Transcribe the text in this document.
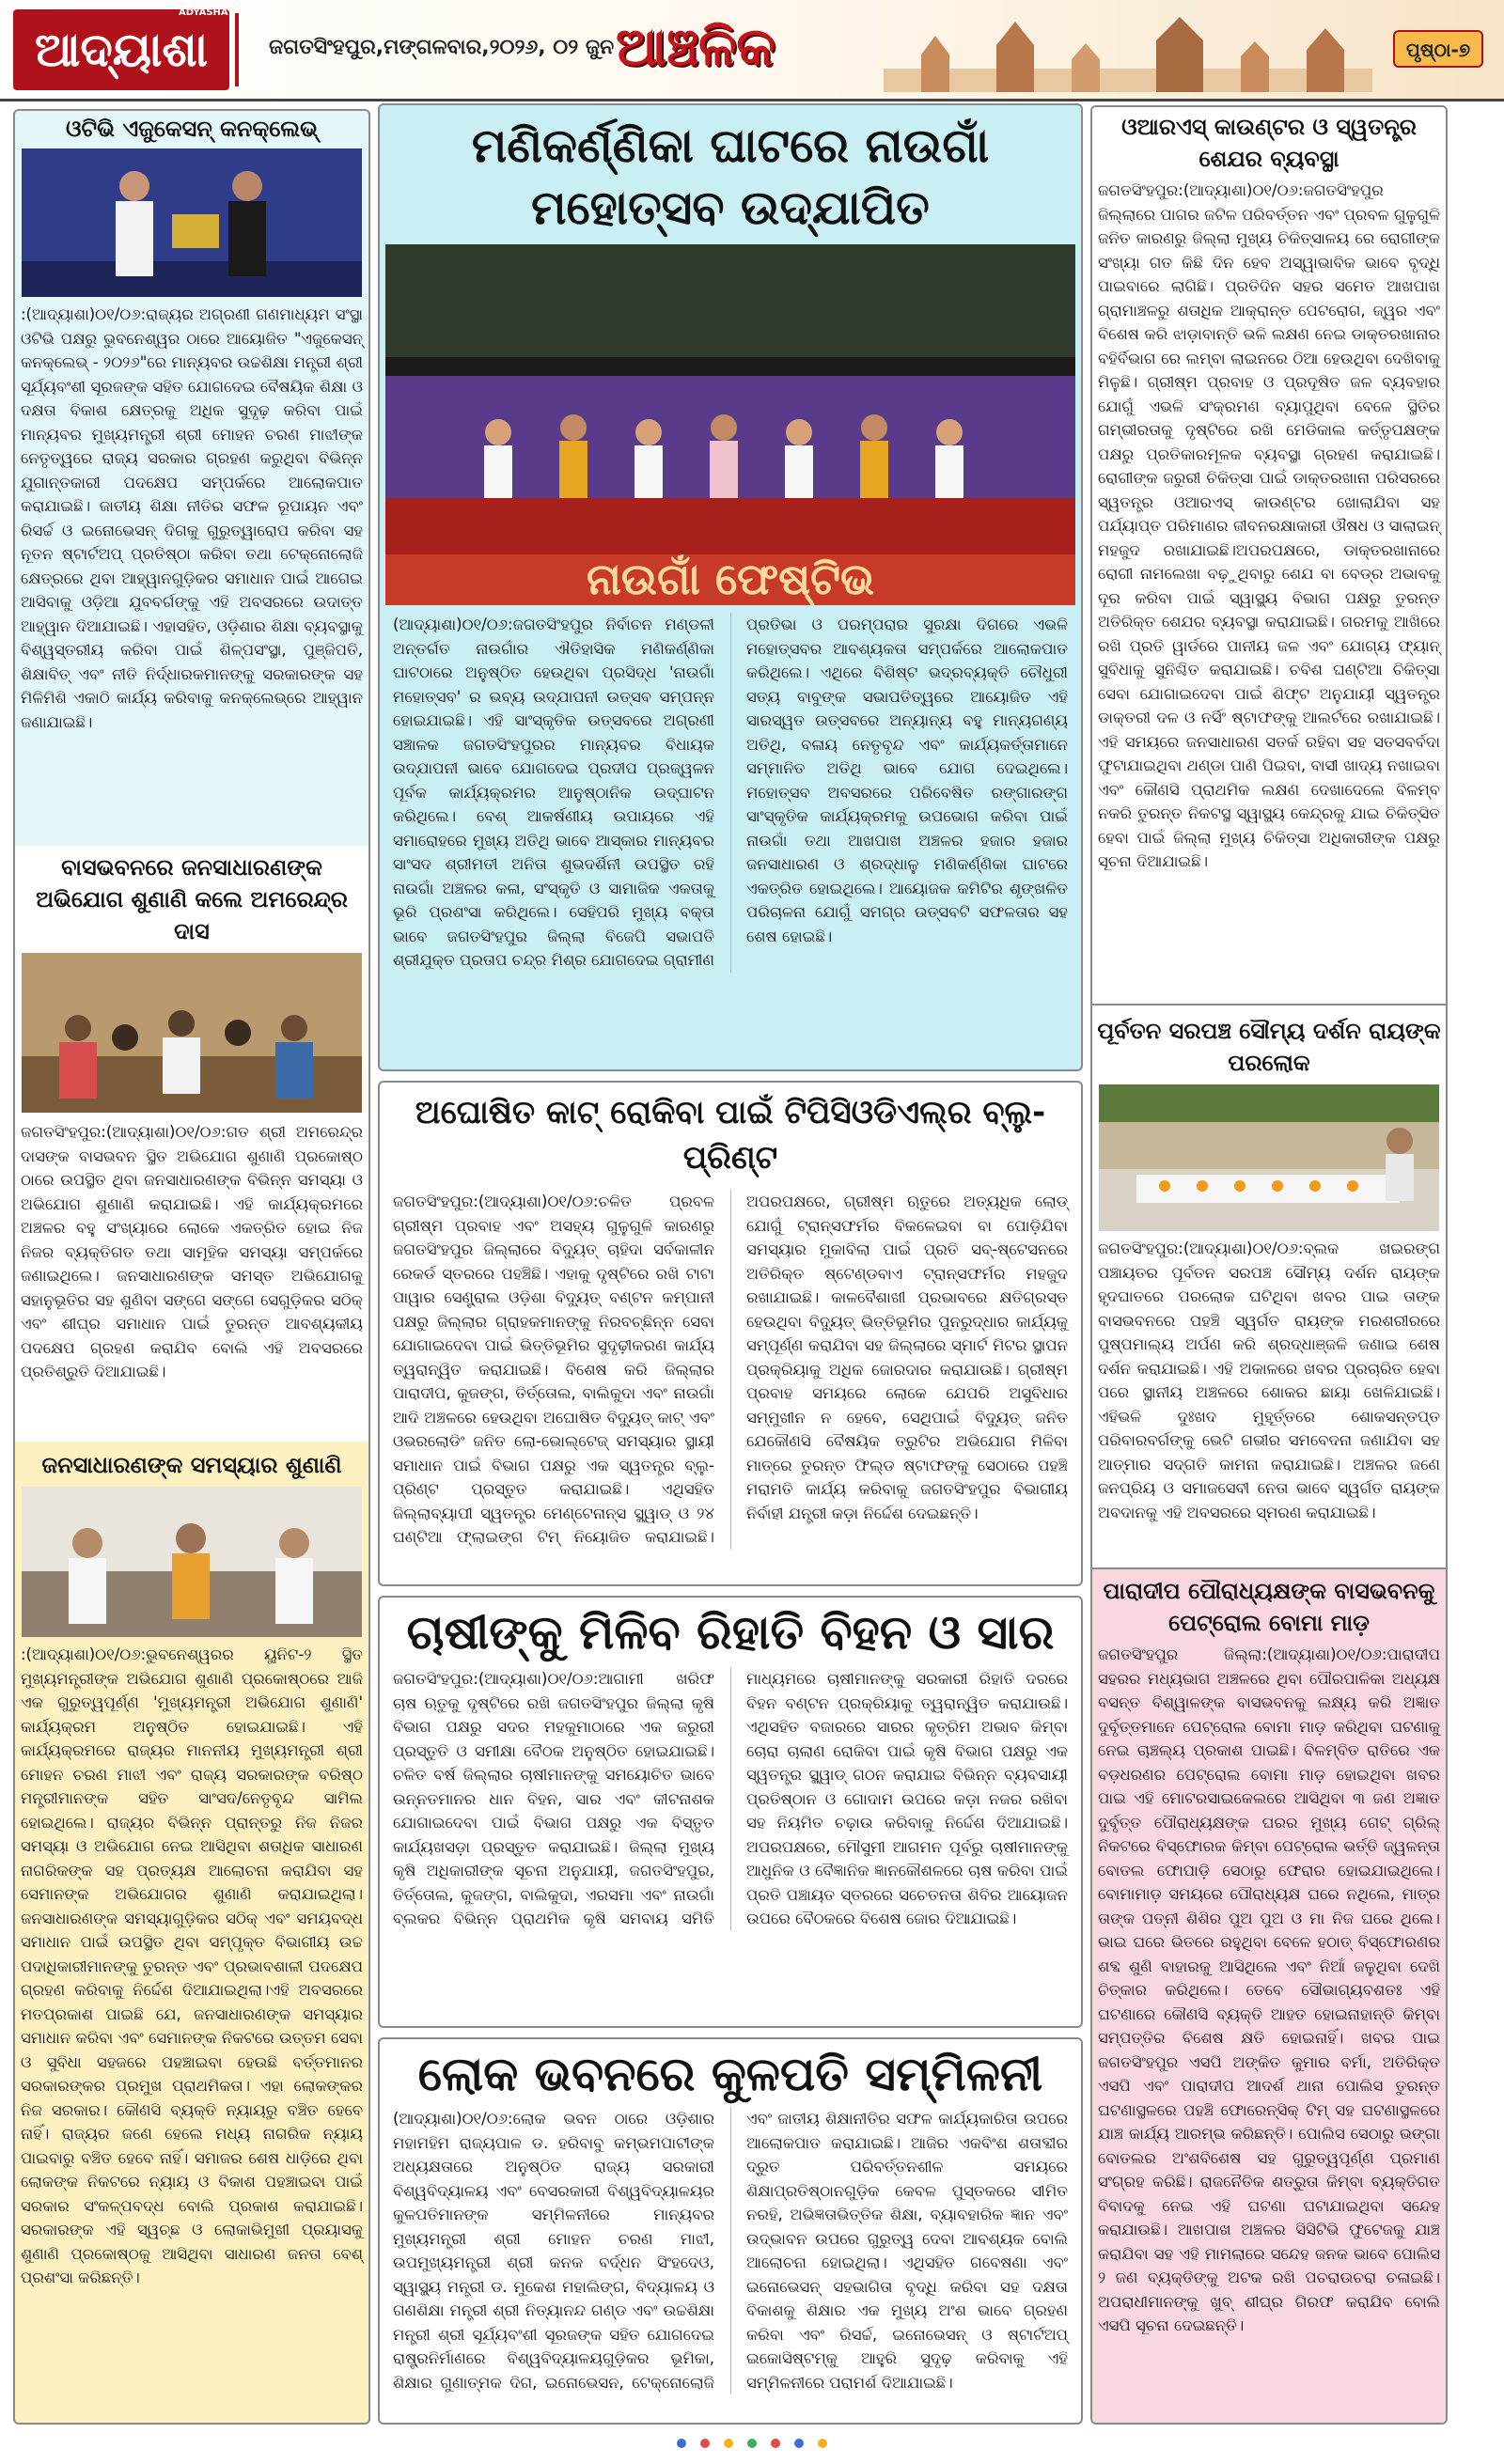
ଆଦ୍ୟାଶା
ADYASHA
ଜଗତସିଂହପୁର,ମଙ୍ଗଳବାର,୨୦୨୬, ୦୨ ଜୁନ ଆଞ୍ଚଳିକ	ପୃଷ୍ଠା-୭

ଓଟିଭି ଏଜୁକେସନ୍ କନକ୍ଲେଭ୍

:(ଆଦ୍ୟାଶା)୦୧/୦୬:ରାଜ୍ୟର ଅଗ୍ରଣୀ ଗଣମାଧ୍ୟମ ସଂସ୍ଥା ଓଟିଭି ପକ୍ଷରୁ ଭୁବନେଶ୍ୱର ଠାରେ ଆୟୋଜିତ "ଏଜୁକେସନ୍ କନକ୍ଲେଭ୍ - ୨୦୨୬"ରେ ମାନ୍ୟବର ଉଚ୍ଚଶିକ୍ଷା ମନ୍ତ୍ରୀ ଶ୍ରୀ ସୂର୍ଯ୍ୟବଂଶୀ ସୂରଜଙ୍କ ସହିତ ଯୋଗଦେଇ ବୈଷୟିକ ଶିକ୍ଷା ଓ ଦକ୍ଷତା ବିକାଶ କ୍ଷେତ୍ରକୁ ଅଧିକ ସୁଦୃଢ଼ କରିବା ପାଇଁ ମାନ୍ୟବର ମୁଖ୍ୟମନ୍ତ୍ରୀ ଶ୍ରୀ ମୋହନ ଚରଣ ମାଝୀଙ୍କ ନେତୃତ୍ୱରେ ରାଜ୍ୟ ସରକାର ଗ୍ରହଣ କରୁଥିବା ବିଭିନ୍ନ ଯୁଗାନ୍ତକାରୀ ପଦକ୍ଷେପ ସମ୍ପର୍କରେ ଆଲୋକପାତ କରାଯାଇଛି। ଜାତୀୟ ଶିକ୍ଷା ନୀତିର ସଫଳ ରୂପାୟନ ଏବଂ ରିସର୍ଚ୍ଚ ଓ ଇନୋଭେସନ୍ ଦିଗକୁ ଗୁରୁତ୍ୱାରୋପ କରିବା ସହ ନୂତନ ଷ୍ଟାର୍ଟଅପ୍ ପ୍ରତିଷ୍ଠା କରିବା ତଥା ଟେକ୍ନୋଲୋଜି କ୍ଷେତ୍ରରେ ଥିବା ଆହ୍ୱାନଗୁଡ଼ିକର ସମାଧାନ ପାଇଁ ଆଗେଇ ଆସିବାକୁ ଓଡ଼ିଆ ଯୁବବର୍ଗଙ୍କୁ ଏହି ଅବସରରେ ଉଦାତ୍ତ ଆହ୍ୱାନ ଦିଆଯାଇଛି। ଏହାସହିତ, ଓଡ଼ିଶାର ଶିକ୍ଷା ବ୍ୟବସ୍ଥାକୁ ବିଶ୍ୱସ୍ତରୀୟ କରିବା ପାଇଁ ଶିଳ୍ପସଂସ୍ଥା, ପୁଞ୍ଜିପତି, ଶିକ୍ଷାବିତ୍ ଏବଂ ନୀତି ନିର୍ଦ୍ଧାରକମାନଙ୍କୁ ସରକାରଙ୍କ ସହ ମିଳିମିଶି ଏକାଠି କାର୍ଯ୍ୟ କରିବାକୁ କନକ୍ଲେଭ୍‌ରେ ଆହ୍ୱାନ ଜଣାଯାଇଛି।

ବାସଭବନରେ ଜନସାଧାରଣଙ୍କ ଅଭିଯୋଗ ଶୁଣାଣି କଲେ ଅମରେନ୍ଦ୍ର ଦାସ

ଜଗତସିଂହପୁର:(ଆଦ୍ୟାଶା)୦୧/୦୬:ଗତ ଶ୍ରୀ ଅମରେନ୍ଦ୍ର ଦାସଙ୍କ ବାସଭବନ ସ୍ଥିତ ଅଭିଯୋଗ ଶୁଣାଣି ପ୍ରକୋଷ୍ଠ ଠାରେ ଉପସ୍ଥିତ ଥିବା ଜନସାଧାରଣଙ୍କ ବିଭିନ୍ନ ସମସ୍ୟା ଓ ଅଭିଯୋଗ ଶୁଣାଣି କରାଯାଇଛି। ଏହି କାର୍ଯ୍ୟକ୍ରମରେ ଅଞ୍ଚଳର ବହୁ ସଂଖ୍ୟାରେ ଲୋକେ ଏକତ୍ରିତ ହୋଇ ନିଜ ନିଜର ବ୍ୟକ୍ତିଗତ ତଥା ସାମୂହିକ ସମସ୍ୟା ସମ୍ପର୍କରେ ଜଣାଇଥିଲେ। ଜନସାଧାରଣଙ୍କ ସମସ୍ତ ଅଭିଯୋଗକୁ ସହାନୁଭୂତିର ସହ ଶୁଣିବା ସଙ୍ଗେ ସଙ୍ଗେ ସେଗୁଡ଼ିକର ସଠିକ୍ ଏବଂ ଶୀଘ୍ର ସମାଧାନ ପାଇଁ ତୁରନ୍ତ ଆବଶ୍ୟକୀୟ ପଦକ୍ଷେପ ଗ୍ରହଣ କରାଯିବ ବୋଲି ଏହି ଅବସରରେ ପ୍ରତିଶ୍ରୁତି ଦିଆଯାଇଛି।

ଜନସାଧାରଣଙ୍କ ସମସ୍ୟାର ଶୁଣାଣି

:(ଆଦ୍ୟାଶା)୦୧/୦୬:ଭୁବନେଶ୍ୱରର ୟୁନିଟ-୨ ସ୍ଥିତ ମୁଖ୍ୟମନ୍ତ୍ରୀଙ୍କ ଅଭିଯୋଗ ଶୁଣାଣି ପ୍ରକୋଷ୍ଠରେ ଆଜି ଏକ ଗୁରୁତ୍ୱପୂର୍ଣ୍ଣ 'ମୁଖ୍ୟମନ୍ତ୍ରୀ ଅଭିଯୋଗ ଶୁଣାଣି' କାର୍ଯ୍ୟକ୍ରମ ଅନୁଷ୍ଠିତ ହୋଇଯାଇଛି। ଏହି କାର୍ଯ୍ୟକ୍ରମରେ ରାଜ୍ୟର ମାନନୀୟ ମୁଖ୍ୟମନ୍ତ୍ରୀ ଶ୍ରୀ ମୋହନ ଚରଣ ମାଝୀ ଏବଂ ରାଜ୍ୟ ସରକାରଙ୍କ ବରିଷ୍ଠ ମନ୍ତ୍ରୀମାନଙ୍କ ସହିତ ସାଂସଦ/ନେତୃବୃନ୍ଦ ସାମିଲ ହୋଇଥିଲେ। ରାଜ୍ୟର ବିଭିନ୍ନ ପ୍ରାନ୍ତରୁ ନିଜ ନିଜର ସମସ୍ୟା ଓ ଅଭିଯୋଗ ନେଇ ଆସିଥିବା ଶତାଧିକ ସାଧାରଣ ନାଗରିକଙ୍କ ସହ ପ୍ରତ୍ୟକ୍ଷ ଆଲୋଚନା କରାଯିବା ସହ ସେମାନଙ୍କ ଅଭିଯୋଗର ଶୁଣାଣି କରାଯାଇଥିଲା। ଜନସାଧାରଣଙ୍କ ସମସ୍ୟାଗୁଡ଼ିକର ସଠିକ୍ ଏବଂ ସମୟବଦ୍ଧ ସମାଧାନ ପାଇଁ ଉପସ୍ଥିତ ଥିବା ସମ୍ପୃକ୍ତ ବିଭାଗୀୟ ଉଚ୍ଚ ପଦାଧିକାରୀମାନଙ୍କୁ ତୁରନ୍ତ ଏବଂ ପ୍ରଭାବଶାଳୀ ପଦକ୍ଷେପ ଗ୍ରହଣ କରିବାକୁ ନିର୍ଦ୍ଦେଶ ଦିଆଯାଇଥିଲା।ଏହି ଅବସରରେ ମତପ୍ରକାଶ ପାଇଛି ଯେ, ଜନସାଧାରଣଙ୍କ ସମସ୍ୟାର ସମାଧାନ କରିବା ଏବଂ ସେମାନଙ୍କ ନିକଟରେ ଉତ୍ତମ ସେବା ଓ ସୁବିଧା ସହଜରେ ପହଞ୍ଚାଇବା ହେଉଛି ବର୍ତ୍ତମାନର ସରକାରଙ୍କର ପ୍ରମୁଖ ପ୍ରାଥମିକତା। ଏହା ଲୋକଙ୍କର ନିଜ ସରକାର। କୌଣସି ବ୍ୟକ୍ତି ନ୍ୟାୟରୁ ବଞ୍ଚିତ ହେବେ ନାହିଁ। ରାଜ୍ୟର ଜଣେ ହେଲେ ମଧ୍ୟ ନାଗରିକ ନ୍ୟାୟ ପାଇବାରୁ ବଞ୍ଚିତ ହେବେ ନାହିଁ। ସମାଜର ଶେଷ ଧାଡ଼ିରେ ଥିବା ଲୋକଙ୍କ ନିକଟରେ ନ୍ୟାୟ ଓ ବିକାଶ ପହଞ୍ଚାଇବା ପାଇଁ ସରକାର ସଂକଳ୍ପବଦ୍ଧ ବୋଲି ପ୍ରକାଶ କରାଯାଇଛି। ସରକାରଙ୍କ ଏହି ସ୍ୱଚ୍ଛ ଓ ଲୋକାଭିମୁଖୀ ପ୍ରୟାସକୁ ଶୁଣାଣି ପ୍ରକୋଷ୍ଠକୁ ଆସିଥିବା ସାଧାରଣ ଜନତା ବେଶ୍ ପ୍ରଶଂସା କରିଛନ୍ତି।

ମଣିକର୍ଣ୍ଣିକା ଘାଟରେ ନାଉଗାଁ ମହୋତ୍ସବ ଉଦ୍‌ଯାପିତ

ନାଉଗାଁ ଫେଷ୍ଟିଭ

(ଆଦ୍ୟାଶା)୦୧/୦୬:ଜଗତସିଂହପୁର ନିର୍ବାଚନ ମଣ୍ଡଳୀ ଅନ୍ତର୍ଗତ ନାଉଗାଁର ଐତିହାସିକ ମଣିକର୍ଣ୍ଣିକା ଘାଟଠାରେ ଅନୁଷ୍ଠିତ ହେଉଥିବା ପ୍ରସିଦ୍ଧ 'ନାଉଗାଁ ମହୋତ୍ସବ' ର ଭବ୍ୟ ଉଦ୍‌ଯାପନୀ ଉତ୍ସବ ସମ୍ପନ୍ନ ହୋଇଯାଇଛି। ଏହି ସାଂସ୍କୃତିକ ଉତ୍ସବରେ ଅଗ୍ରଣୀ ସଞ୍ଚାଳକ ଜଗତସିଂହପୁରର ମାନ୍ୟବର ବିଧାୟକ ଉଦ୍‌ଯାପନୀ ଭାବେ ଯୋଗଦେଇ ପ୍ରଦୀପ ପ୍ରଜ୍ୱଳନ ପୂର୍ବକ କାର୍ଯ୍ୟକ୍ରମର ଆନୁଷ୍ଠାନିକ ଉଦ୍‌ଘାଟନ କରିଥିଲେ। ବେଶ୍ ଆକର୍ଷଣୀୟ ଉପାୟରେ ଏହି ସମାରୋହରେ ମୁଖ୍ୟ ଅତିଥି ଭାବେ ଆସ୍କାର ମାନ୍ୟବର ସାଂସଦ ଶ୍ରୀମତୀ ଅନିତା ଶୁଭଦର୍ଶିନୀ ଉପସ୍ଥିତ ରହି ନାଉଗାଁ ଅଞ୍ଚଳର କଳା, ସଂସ୍କୃତି ଓ ସାମାଜିକ ଏକତାକୁ ଭୂରି ପ୍ରଶଂସା କରିଥିଲେ। ସେହିପରି ମୁଖ୍ୟ ବକ୍ତା ଭାବେ ଜଗତସିଂହପୁର ଜିଲ୍ଲା ବିଜେପି ସଭାପତି ଶ୍ରୀଯୁକ୍ତ ପ୍ରତାପ ଚନ୍ଦ୍ର ମିଶ୍ର ଯୋଗଦେଇ ଗ୍ରାମୀଣ ପ୍ରତିଭା ଓ ପରମ୍ପରାର ସୁରକ୍ଷା ଦିଗରେ ଏଭଳି ମହୋତ୍ସବର ଆବଶ୍ୟକତା ସମ୍ପର୍କରେ ଆଲୋକପାତ କରିଥିଲେ। ଏଥିରେ ବିଶିଷ୍ଟ ଭଦ୍ରବ୍ୟକ୍ତି ଚୌଧୁରୀ ସତ୍ୟ ବାବୁଙ୍କ ସଭାପତିତ୍ୱରେ ଆୟୋଜିତ ଏହି ସାରସ୍ୱତ ଉତ୍ସବରେ ଅନ୍ୟାନ୍ୟ ବହୁ ମାନ୍ୟଗଣ୍ୟ ଅତିଥି, ବଳାୟ ନେତୃବୃନ୍ଦ ଏବଂ କାର୍ଯ୍ୟକର୍ତ୍ତାମାନେ ସମ୍ମାନିତ ଅତିଥି ଭାବେ ଯୋଗ ଦେଇଥିଲେ। ମହୋତ୍ସବ ଅବସରରେ ପରିବେଷିତ ରଙ୍ଗାରଙ୍ଗ ସାଂସ୍କୃତିକ କାର୍ଯ୍ୟକ୍ରମକୁ ଉପଭୋଗ କରିବା ପାଇଁ ନାଉଗାଁ ତଥା ଆଖପାଖ ଅଞ୍ଚଳର ହଜାର ହଜାର ଜନସାଧାରଣ ଓ ଶ୍ରଦ୍ଧାଳୁ ମଣିକର୍ଣ୍ଣିକା ଘାଟରେ ଏକତ୍ରିତ ହୋଇଥିଲେ। ଆୟୋଜକ କମିଟିର ଶୃଙ୍ଖଳିତ ପରିଚାଳନା ଯୋଗୁଁ ସମଗ୍ର ଉତ୍ସବଟି ସଫଳତାର ସହ ଶେଷ ହୋଇଛି।

ଅଘୋଷିତ କାଟ୍ ରୋକିବା ପାଇଁ ଟିପିସିଓଡିଏଲ୍‌ର ବ୍ଲୁ-ପ୍ରିଣ୍ଟ

ଜଗତସିଂହପୁର:(ଆଦ୍ୟାଶା)୦୧/୦୬:ଚଳିତ ପ୍ରବଳ ଗ୍ରୀଷ୍ମ ପ୍ରବାହ ଏବଂ ଅସହ୍ୟ ଗୁଳୁଗୁଳି କାରଣରୁ ଜଗତସିଂହପୁର ଜିଲ୍ଲାରେ ବିଦ୍ୟୁତ୍ ଚାହିଦା ସର୍ବକାଳୀନ ରେକର୍ଡ ସ୍ତରରେ ପହଞ୍ଚିଛି। ଏହାକୁ ଦୃଷ୍ଟିରେ ରଖି ଟାଟା ପାୱାର ସେଣ୍ଟ୍ରାଲ ଓଡ଼ିଶା ବିଦ୍ୟୁତ୍ ବଣ୍ଟନ କମ୍ପାନୀ ପକ୍ଷରୁ ଜିଲ୍ଲାର ଗ୍ରାହକମାନଙ୍କୁ ନିରବଚ୍ଛିନ୍ନ ସେବା ଯୋଗାଇଦେବା ପାଇଁ ଭିତ୍ତିଭୂମିର ସୁଦୃଢ଼ୀକରଣ କାର୍ଯ୍ୟ ତ୍ୱରାନ୍ୱିତ କରାଯାଇଛି। ବିଶେଷ କରି ଜିଲ୍ଲାର ପାରାଦୀପ, କୁଜଙ୍ଗ, ତିର୍ତ୍ତୋଲ, ବାଲିକୁଦା ଏବଂ ନାଉଗାଁ ଆଦି ଅଞ୍ଚଳରେ ହେଉଥିବା ଅଘୋଷିତ ବିଦ୍ୟୁତ୍ କାଟ୍ ଏବଂ ଓଭରଲୋଡିଂ ଜନିତ ଲୋ-ଭୋଲ୍ଟେଜ୍ ସମସ୍ୟାର ସ୍ଥାୟୀ ସମାଧାନ ପାଇଁ ବିଭାଗ ପକ୍ଷରୁ ଏକ ସ୍ୱତନ୍ତ୍ର ବ୍ଲୁ-ପ୍ରିଣ୍ଟ ପ୍ରସ୍ତୁତ କରାଯାଇଛି। ଏଥିସହିତ ଜିଲ୍ଲାବ୍ୟାପୀ ସ୍ୱତନ୍ତ୍ର ମେଣ୍ଟେନାନ୍ସ ସ୍କ୍ୱାଡ୍ ଓ ୨୪ ଘଣ୍ଟିଆ ଫ୍ଲାଇଙ୍ଗ ଟିମ୍ ନିୟୋଜିତ କରାଯାଇଛି। ଅପରପକ୍ଷରେ, ଗ୍ରୀଷ୍ମ ଋତୁରେ ଅତ୍ୟଧିକ ଲୋଡ୍ ଯୋଗୁଁ ଟ୍ରାନ୍ସଫର୍ମର ବିକଳେଇବା ବା ପୋଡ଼ିଯିବା ସମସ୍ୟାର ମୁକାବିଲା ପାଇଁ ପ୍ରତି ସବ୍-ଷ୍ଟେସନରେ ଅତିରିକ୍ତ ଷ୍ଟେଣ୍ଡବାଏ ଟ୍ରାନ୍ସଫର୍ମର ମହଜୁଦ ରଖାଯାଇଛି। କାଳବୈଶାଖୀ ପ୍ରଭାବରେ କ୍ଷତିଗ୍ରସ୍ତ ହେଉଥିବା ବିଦ୍ୟୁତ୍ ଭିତ୍ତିଭୂମିର ପୁନରୁଦ୍ଧାର କାର୍ଯ୍ୟକୁ ସମ୍ପୂର୍ଣ୍ଣ କରାଯିବା ସହ ଜିଲ୍ଲାରେ ସ୍ମାର୍ଟ ମିଟର ସ୍ଥାପନ ପ୍ରକ୍ରିୟାକୁ ଅଧିକ ଜୋରଦାର କରାଯାଉଛି। ଗ୍ରୀଷ୍ମ ପ୍ରବାହ ସମୟରେ ଲୋକେ ଯେପରି ଅସୁବିଧାର ସମ୍ମୁଖୀନ ନ ହେବେ, ସେଥିପାଇଁ ବିଦ୍ୟୁତ୍ ଜନିତ ଯେକୌଣସି ବୈଷୟିକ ତ୍ରୁଟିର ଅଭିଯୋଗ ମିଳିବା ମାତ୍ରେ ତୁରନ୍ତ ଫିଲ୍ଡ ଷ୍ଟାଫଙ୍କୁ ସେଠାରେ ପହଞ୍ଚି ମରାମତି କାର୍ଯ୍ୟ କରିବାକୁ ଜଗତସିଂହପୁର ବିଭାଗୀୟ ନିର୍ବାହୀ ଯନ୍ତ୍ରୀ କଡ଼ା ନିର୍ଦ୍ଦେଶ ଦେଇଛନ୍ତି।

ଚାଷୀଙ୍କୁ ମିଳିବ ରିହାତି ବିହନ ଓ ସାର

ଜଗତସିଂହପୁର:(ଆଦ୍ୟାଶା)୦୧/୦୬:ଆଗାମୀ ଖରିଫ ଚାଷ ଋତୁକୁ ଦୃଷ୍ଟିରେ ରଖି ଜଗତସିଂହପୁର ଜିଲ୍ଲା କୃଷି ବିଭାଗ ପକ୍ଷରୁ ସଦର ମହକୁମାଠାରେ ଏକ ଜରୁରୀ ପ୍ରସ୍ତୁତି ଓ ସମୀକ୍ଷା ବୈଠକ ଅନୁଷ୍ଠିତ ହୋଇଯାଇଛି। ଚଳିତ ବର୍ଷ ଜିଲ୍ଲାର ଚାଷୀମାନଙ୍କୁ ସମୟୋଚିତ ଭାବେ ଉନ୍ନତମାନର ଧାନ ବିହନ, ସାର ଏବଂ କୀଟନାଶକ ଯୋଗାଇଦେବା ପାଇଁ ବିଭାଗ ପକ୍ଷରୁ ଏକ ବିସ୍ତୃତ କାର୍ଯ୍ୟଖସଡ଼ା ପ୍ରସ୍ତୁତ କରାଯାଇଛି। ଜିଲ୍ଲା ମୁଖ୍ୟ କୃଷି ଅଧିକାରୀଙ୍କ ସୂଚନା ଅନୁଯାୟୀ, ଜଗତସିଂହପୁର, ତିର୍ତ୍ତୋଲ, କୁଜଙ୍ଗ, ବାଲିକୁଦା, ଏରସମା ଏବଂ ନାଉଗାଁ ବ୍ଲକର ବିଭିନ୍ନ ପ୍ରାଥମିକ କୃଷି ସମବାୟ ସମିତି ମାଧ୍ୟମରେ ଚାଷୀମାନଙ୍କୁ ସରକାରୀ ରିହାତି ଦରରେ ବିହନ ବଣ୍ଟନ ପ୍ରକ୍ରିୟାକୁ ତ୍ୱରାନ୍ୱିତ କରାଯାଉଛି। ଏଥିସହିତ ବଜାରରେ ସାରର କୃତ୍ରିମ ଅଭାବ କିମ୍ବା ଚୋରା ଚାଲାଣ ରୋକିବା ପାଇଁ କୃଷି ବିଭାଗ ପକ୍ଷରୁ ଏକ ସ୍ୱତନ୍ତ୍ର ସ୍କ୍ୱାଡ୍ ଗଠନ କରାଯାଇ ବିଭିନ୍ନ ବ୍ୟବସାୟୀ ପ୍ରତିଷ୍ଠାନ ଓ ଗୋଦାମ ଉପରେ କଡ଼ା ନଜର ରଖିବା ସହ ନିୟମିତ ଚଢ଼ାଉ କରିବାକୁ ନିର୍ଦ୍ଦେଶ ଦିଆଯାଇଛି।ଅପରପକ୍ଷରେ, ମୌସୁମୀ ଆଗମନ ପୂର୍ବରୁ ଚାଷୀମାନଙ୍କୁ ଆଧୁନିକ ଓ ବୈଜ୍ଞାନିକ ଜ୍ଞାନକୌଶଳରେ ଚାଷ କରିବା ପାଇଁ ପ୍ରତି ପଞ୍ଚାୟତ ସ୍ତରରେ ସଚେତନତା ଶିବିର ଆୟୋଜନ ଉପରେ ବୈଠକରେ ବିଶେଷ ଜୋର ଦିଆଯାଇଛି।

ଲୋକ ଭବନରେ କୁଳପତି ସମ୍ମିଳନୀ

(ଆଦ୍ୟାଶା)୦୧/୦୬:ଲୋକ ଭବନ ଠାରେ ଓଡ଼ିଶାର ମହାମହିମ ରାଜ୍ୟପାଳ ଡ. ହରିବାବୁ କମ୍ଭମପାଟୀଙ୍କ ଅଧ୍ୟକ୍ଷତାରେ ଅନୁଷ୍ଠିତ ରାଜ୍ୟ ସରକାରୀ ବିଶ୍ୱବିଦ୍ୟାଳୟ ଏବଂ ବେସରକାରୀ ବିଶ୍ୱବିଦ୍ୟାଳୟର କୁଳପତିମାନଙ୍କ ସମ୍ମିଳନୀରେ ମାନ୍ୟବର ମୁଖ୍ୟମନ୍ତ୍ରୀ ଶ୍ରୀ ମୋହନ ଚରଣ ମାଝୀ, ଉପମୁଖ୍ୟମନ୍ତ୍ରୀ ଶ୍ରୀ କନକ ବର୍ଦ୍ଧନ ସିଂହଦେଓ, ସ୍ୱାସ୍ଥ୍ୟ ମନ୍ତ୍ରୀ ଡ. ମୁକେଶ ମହାଲିଙ୍ଗ, ବିଦ୍ୟାଳୟ ଓ ଗଣଶିକ୍ଷା ମନ୍ତ୍ରୀ ଶ୍ରୀ ନିତ୍ୟାନନ୍ଦ ଗଣ୍ଡ ଏବଂ ଉଚ୍ଚଶିକ୍ଷା ମନ୍ତ୍ରୀ ଶ୍ରୀ ସୂର୍ଯ୍ୟବଂଶୀ ସୂରଜଙ୍କ ସହିତ ଯୋଗଦେଇ ରାଷ୍ଟ୍ରନିର୍ମାଣରେ ବିଶ୍ୱବିଦ୍ୟାଳୟଗୁଡ଼ିକର ଭୂମିକା, ଶିକ୍ଷାର ଗୁଣାତ୍ମକ ଦିଗ, ଇନୋଭେସନ, ଟେକ୍ନୋଲୋଜି ଏବଂ ଜାତୀୟ ଶିକ୍ଷାନୀତିର ସଫଳ କାର୍ଯ୍ୟକାରିତା ଉପରେ ଆଲୋକପାତ କରାଯାଇଛି। ଆଜିର ଏକବିଂଶ ଶତାବ୍ଦୀର ଦ୍ରୁତ ପରିବର୍ତ୍ତନଶୀଳ ସମୟରେ ଶିକ୍ଷାପ୍ରତିଷ୍ଠାନଗୁଡ଼ିକ କେବଳ ପୁସ୍ତକରେ ସୀମିତ ନରହି, ଅଭିଜ୍ଞତାଭିତ୍ତିକ ଶିକ୍ଷା, ବ୍ୟାବହାରିକ ଜ୍ଞାନ ଏବଂ ଉଦ୍ଭାବନ ଉପରେ ଗୁରୁତ୍ୱ ଦେବା ଆବଶ୍ୟକ ବୋଲି ଆଲୋଚନା ହୋଇଥିଲା। ଏଥିସହିତ ଗବେଷଣା ଏବଂ ଇନୋଭେସନ୍ ସହଭାଗିତା ବୃଦ୍ଧି କରିବା ସହ ଦକ୍ଷତା ବିକାଶକୁ ଶିକ୍ଷାର ଏକ ମୁଖ୍ୟ ଅଂଶ ଭାବେ ଗ୍ରହଣ କରିବା ଏବଂ ରିସର୍ଚ୍ଚ, ଇନୋଭେସନ୍ ଓ ଷ୍ଟାର୍ଟଅପ୍ ଇକୋସିଷ୍ଟମ୍‌କୁ ଆହୁରି ସୁଦୃଢ଼ କରିବାକୁ ଏହି ସମ୍ମିଳନୀରେ ପରାମର୍ଶ ଦିଆଯାଇଛି।

ଓଆରଏସ୍ କାଉଣ୍ଟର ଓ ସ୍ୱତନ୍ତ୍ର ଶେଯର ବ୍ୟବସ୍ଥା

ଜଗତସିଂହପୁର:(ଆଦ୍ୟାଶା)୦୧/୦୬:ଜଗତସିଂହପୁର ଜିଲ୍ଲାରେ ପାଗର ଜଟିଳ ପରିବର୍ତ୍ତନ ଏବଂ ପ୍ରବଳ ଗୁଳୁଗୁଳି ଜନିତ କାରଣରୁ ଜିଲ୍ଲା ମୁଖ୍ୟ ଚିକିତ୍ସାଳୟ ରେ ରୋଗୀଙ୍କ ସଂଖ୍ୟା ଗତ କିଛି ଦିନ ହେବ ଅସ୍ୱାଭାବିକ ଭାବେ ବୃଦ୍ଧି ପାଇବାରେ ଲାଗିଛି। ପ୍ରତିଦିନ ସହର ସମେତ ଆଖପାଖ ଗ୍ରାମାଞ୍ଚଳରୁ ଶତାଧିକ ଆକ୍ରାନ୍ତ ପେଟରୋଗ, ଜ୍ୱର ଏବଂ ବିଶେଷ କରି ଝାଡ଼ାବାନ୍ତି ଭଳି ଲକ୍ଷଣ ନେଇ ଡାକ୍ତରଖାନାର ବହିର୍ବିଭାଗ ରେ ଲମ୍ବା ଲାଇନରେ ଠିଆ ହେଉଥିବା ଦେଖିବାକୁ ମିଳୁଛି। ଗ୍ରୀଷ୍ମ ପ୍ରବାହ ଓ ପ୍ରଦୂଷିତ ଜଳ ବ୍ୟବହାର ଯୋଗୁଁ ଏଭଳି ସଂକ୍ରମଣ ବ୍ୟାପୁଥିବା ବେଳେ ସ୍ଥିତିର ଗମ୍ଭୀରତାକୁ ଦୃଷ୍ଟିରେ ରଖି ମେଡିକାଲ କର୍ତ୍ତୃପକ୍ଷଙ୍କ ପକ୍ଷରୁ ପ୍ରତିକାରମୂଳକ ବ୍ୟବସ୍ଥା ଗ୍ରହଣ କରାଯାଇଛି। ରୋଗୀଙ୍କ ଜରୁରୀ ଚିକିତ୍ସା ପାଇଁ ଡାକ୍ତରଖାନା ପରିସରରେ ସ୍ୱତନ୍ତ୍ର ଓଆରଏସ୍ କାଉଣ୍ଟର ଖୋଲାଯିବା ସହ ପର୍ଯ୍ୟାପ୍ତ ପରିମାଣର ଜୀବନରକ୍ଷାକାରୀ ଔଷଧ ଓ ସାଲାଇନ୍ ମହଜୁଦ ରଖାଯାଇଛି।ଅପରପକ୍ଷରେ, ଡାକ୍ତରଖାନାରେ ରୋଗୀ ନାମଲେଖା ବଢ଼ୁଥିବାରୁ ଶେଯ ବା ବେଡ୍‌ର ଅଭାବକୁ ଦୂର କରିବା ପାଇଁ ସ୍ୱାସ୍ଥ୍ୟ ବିଭାଗ ପକ୍ଷରୁ ତୁରନ୍ତ ଅତିରିକ୍ତ ଶେଯର ବ୍ୟବସ୍ଥା କରାଯାଇଛି। ଗରମକୁ ଆଖିରେ ରଖି ପ୍ରତି ୱାର୍ଡରେ ପାନୀୟ ଜଳ ଏବଂ ଯୋଗ୍ୟ ଫ୍ୟାନ୍ ସୁବିଧାକୁ ସୁନିଶ୍ଚିତ କରାଯାଇଛି। ଚବିଶ ଘଣ୍ଟିଆ ଚିକିତ୍ସା ସେବା ଯୋଗାଇଦେବା ପାଇଁ ଶିଫ୍ଟ ଅନୁଯାୟୀ ସ୍ୱତନ୍ତ୍ର ଡାକ୍ତରୀ ଦଳ ଓ ନର୍ସିଂ ଷ୍ଟାଫଙ୍କୁ ଆଲର୍ଟରେ ରଖାଯାଇଛି। ଏହି ସମୟରେ ଜନସାଧାରଣ ସତର୍କ ରହିବା ସହ ସତସବର୍ବଦା ଫୁଟାଯାଇଥିବା ଥଣ୍ଡା ପାଣି ପିଇବା, ବାସୀ ଖାଦ୍ୟ ନଖାଇବା ଏବଂ କୌଣସି ପ୍ରାଥମିକ ଲକ୍ଷଣ ଦେଖାଦେଲେ ବିଳମ୍ବ ନକରି ତୁରନ୍ତ ନିକଟସ୍ଥ ସ୍ୱାସ୍ଥ୍ୟ କେନ୍ଦ୍ରକୁ ଯାଇ ଚିକିତ୍ସିତ ହେବା ପାଇଁ ଜିଲ୍ଲା ମୁଖ୍ୟ ଚିକିତ୍ସା ଅଧିକାରୀଙ୍କ ପକ୍ଷରୁ ସୂଚନା ଦିଆଯାଇଛି।

ପୂର୍ବତନ ସରପଞ୍ଚ ସୌମ୍ୟ ଦର୍ଶନ ରାୟଙ୍କ ପରଲୋକ

ଜଗତସିଂହପୁର:(ଆଦ୍ୟାଶା)୦୧/୦୬:ବ୍ଲକ ଖଇରଙ୍ଗ ପଞ୍ଚାୟତର ପୂର୍ବତନ ସରପଞ୍ଚ ସୌମ୍ୟ ଦର୍ଶନ ରାୟଙ୍କ ହୃଦଘାତରେ ପରଲୋକ ଘଟିଥିବା ଖବର ପାଇ ତାଙ୍କ ବାସଭବନରେ ପହଞ୍ଚି ସ୍ୱର୍ଗତ ରାୟଙ୍କ ମରଶରୀରରେ ପୁଷ୍ପମାଲ୍ୟ ଅର୍ପଣ କରି ଶ୍ରଦ୍ଧାଞ୍ଜଳି ଜଣାଇ ଶେଷ ଦର୍ଶନ କରାଯାଇଛି। ଏହି ଅକାଳରେ ଖବର ପ୍ରଚାରିତ ହେବା ପରେ ସ୍ଥାନୀୟ ଅଞ୍ଚଳରେ ଶୋକର ଛାୟା ଖେଳିଯାଇଛି। ଏହିଭଳି ଦୁଃଖଦ ମୁହୂର୍ତ୍ତରେ ଶୋକସନ୍ତପ୍ତ ପରିବାରବର୍ଗଙ୍କୁ ଭେଟି ଗଭୀର ସମବେଦନା ଜଣାଯିବା ସହ ଆତ୍ମାର ସଦ୍ଗତି କାମନା କରାଯାଇଛି। ଅଞ୍ଚଳର ଜଣେ ଜନପ୍ରିୟ ଓ ସମାଜସେବୀ ନେତା ଭାବେ ସ୍ୱର୍ଗତ ରାୟଙ୍କ ଅବଦାନକୁ ଏହି ଅବସରରେ ସ୍ମରଣ କରାଯାଇଛି।

ପାରାଦୀପ ପୌରାଧ୍ୟକ୍ଷଙ୍କ ବାସଭବନକୁ ପେଟ୍ରୋଲ ବୋମା ମାଡ଼

ଜଗତସିଂହପୁର ଜିଲ୍ଲା:(ଆଦ୍ୟାଶା)୦୧/୦୬:ପାରାଦୀପ ସହରର ମଧ୍ୟଭାଗ ଅଞ୍ଚଳରେ ଥିବା ପୌରପାଳିକା ଅଧ୍ୟକ୍ଷ ବସନ୍ତ ବିଶ୍ୱାଳଙ୍କ ବାସଭବନକୁ ଲକ୍ଷ୍ୟ କରି ଅଜ୍ଞାତ ଦୁର୍ବୃତ୍ତମାନେ ପେଟ୍ରୋଲ ବୋମା ମାଡ଼ କରିଥିବା ଘଟଣାକୁ ନେଇ ଚାଞ୍ଚଲ୍ୟ ପ୍ରକାଶ ପାଇଛି। ବିଳମ୍ବିତ ରାତିରେ ଏକ ବଡ଼ଧରଣର ପେଟ୍ରୋଲ ବୋମା ମାଡ଼ ହୋଇଥିବା ଖବର ପାଇ ଏହି ମୋଟରସାଇକେଲରେ ଆସିଥିବା ୩ ଜଣ ଅଜ୍ଞାତ ଦୁର୍ବୃତ୍ତ ପୌରାଧ୍ୟକ୍ଷଙ୍କ ଘରର ମୁଖ୍ୟ ଗେଟ୍ ଗ୍ରିଲ୍ ନିକଟରେ ବିସ୍ଫୋରକ କିମ୍ବା ପେଟ୍ରୋଲ ଭର୍ତ୍ତି ଜ୍ୱଳନ୍ତା ବୋତଲ ଫୋପାଡ଼ି ସେଠାରୁ ଫେରାର ହୋଇଯାଇଥିଲେ। ବୋମାମାଡ଼ ସମୟରେ ପୌରାଧ୍ୟକ୍ଷ ଘରେ ନଥିଲେ, ମାତ୍ର ତାଙ୍କ ପତ୍ନୀ ଶିଶିର ପୁଅ ପୁଅ ଓ ମା ନିଜ ଘରେ ଥିଲେ। ଭାଇ ଘରେ ଭିତରେ ରହୁଥିବା ବେଳେ ହଠାତ୍ ବିସ୍ଫୋରଣର ଶବ୍ଦ ଶୁଣି ବାହାରକୁ ଆସିଥିଲେ ଏବଂ ନିଆଁ ଜଳୁଥିବା ଦେଖି ଚିତ୍କାର କରିଥିଲେ। ତେବେ ସୌଭାଗ୍ୟବଶତଃ ଏହି ଘଟଣାରେ କୌଣସି ବ୍ୟକ୍ତି ଆହତ ହୋଇନାହାନ୍ତି କିମ୍ବା ସମ୍ପତ୍ତିର ବିଶେଷ କ୍ଷତି ହୋଇନାହିଁ। ଖବର ପାଇ ଜଗତସିଂହପୁର ଏସପି ଅଙ୍କିତ କୁମାର ବର୍ମା, ଅତିରିକ୍ତ ଏସପି ଏବଂ ପାରାଦୀପ ଆଦର୍ଶ ଥାନା ପୋଲିସ ତୁରନ୍ତ ଘଟଣାସ୍ଥଳରେ ପହଞ୍ଚି ଫୋରେନ୍ସିକ୍ ଟିମ୍ ସହ ଘଟଣାସ୍ଥଳରେ ଯାଞ୍ଚ କାର୍ଯ୍ୟ ଆରମ୍ଭ କରିଛନ୍ତି। ପୋଲିସ ସେଠାରୁ ଭଙ୍ଗା ବୋତଲର ଅଂଶବିଶେଷ ସହ ଗୁରୁତ୍ୱପୂର୍ଣ୍ଣ ପ୍ରମାଣ ସଂଗ୍ରହ କରିଛି। ରାଜନୈତିକ ଶତ୍ରୁତା କିମ୍ବା ବ୍ୟକ୍ତିଗତ ବିବାଦକୁ ନେଇ ଏହି ଘଟଣା ଘଟାଯାଇଥିବା ସନ୍ଦେହ କରାଯାଉଛି। ଆଖପାଖ ଅଞ୍ଚଳର ସିସିଟିଭି ଫୁଟେଜକୁ ଯାଞ୍ଚ କରାଯିବା ସହ ଏହି ମାମଲାରେ ସନ୍ଦେହ ଜନକ ଭାବେ ପୋଲିସ ୨ ଜଣ ବ୍ୟକ୍ତିଙ୍କୁ ଅଟକ ରଖି ପଚରାଉଚରା ଚଳାଇଛି। ଅପରାଧୀମାନଙ୍କୁ ଖୁବ୍ ଶୀଘ୍ର ଗିରଫ କରାଯିବ ବୋଲି ଏସପି ସୂଚନା ଦେଇଛନ୍ତି।
